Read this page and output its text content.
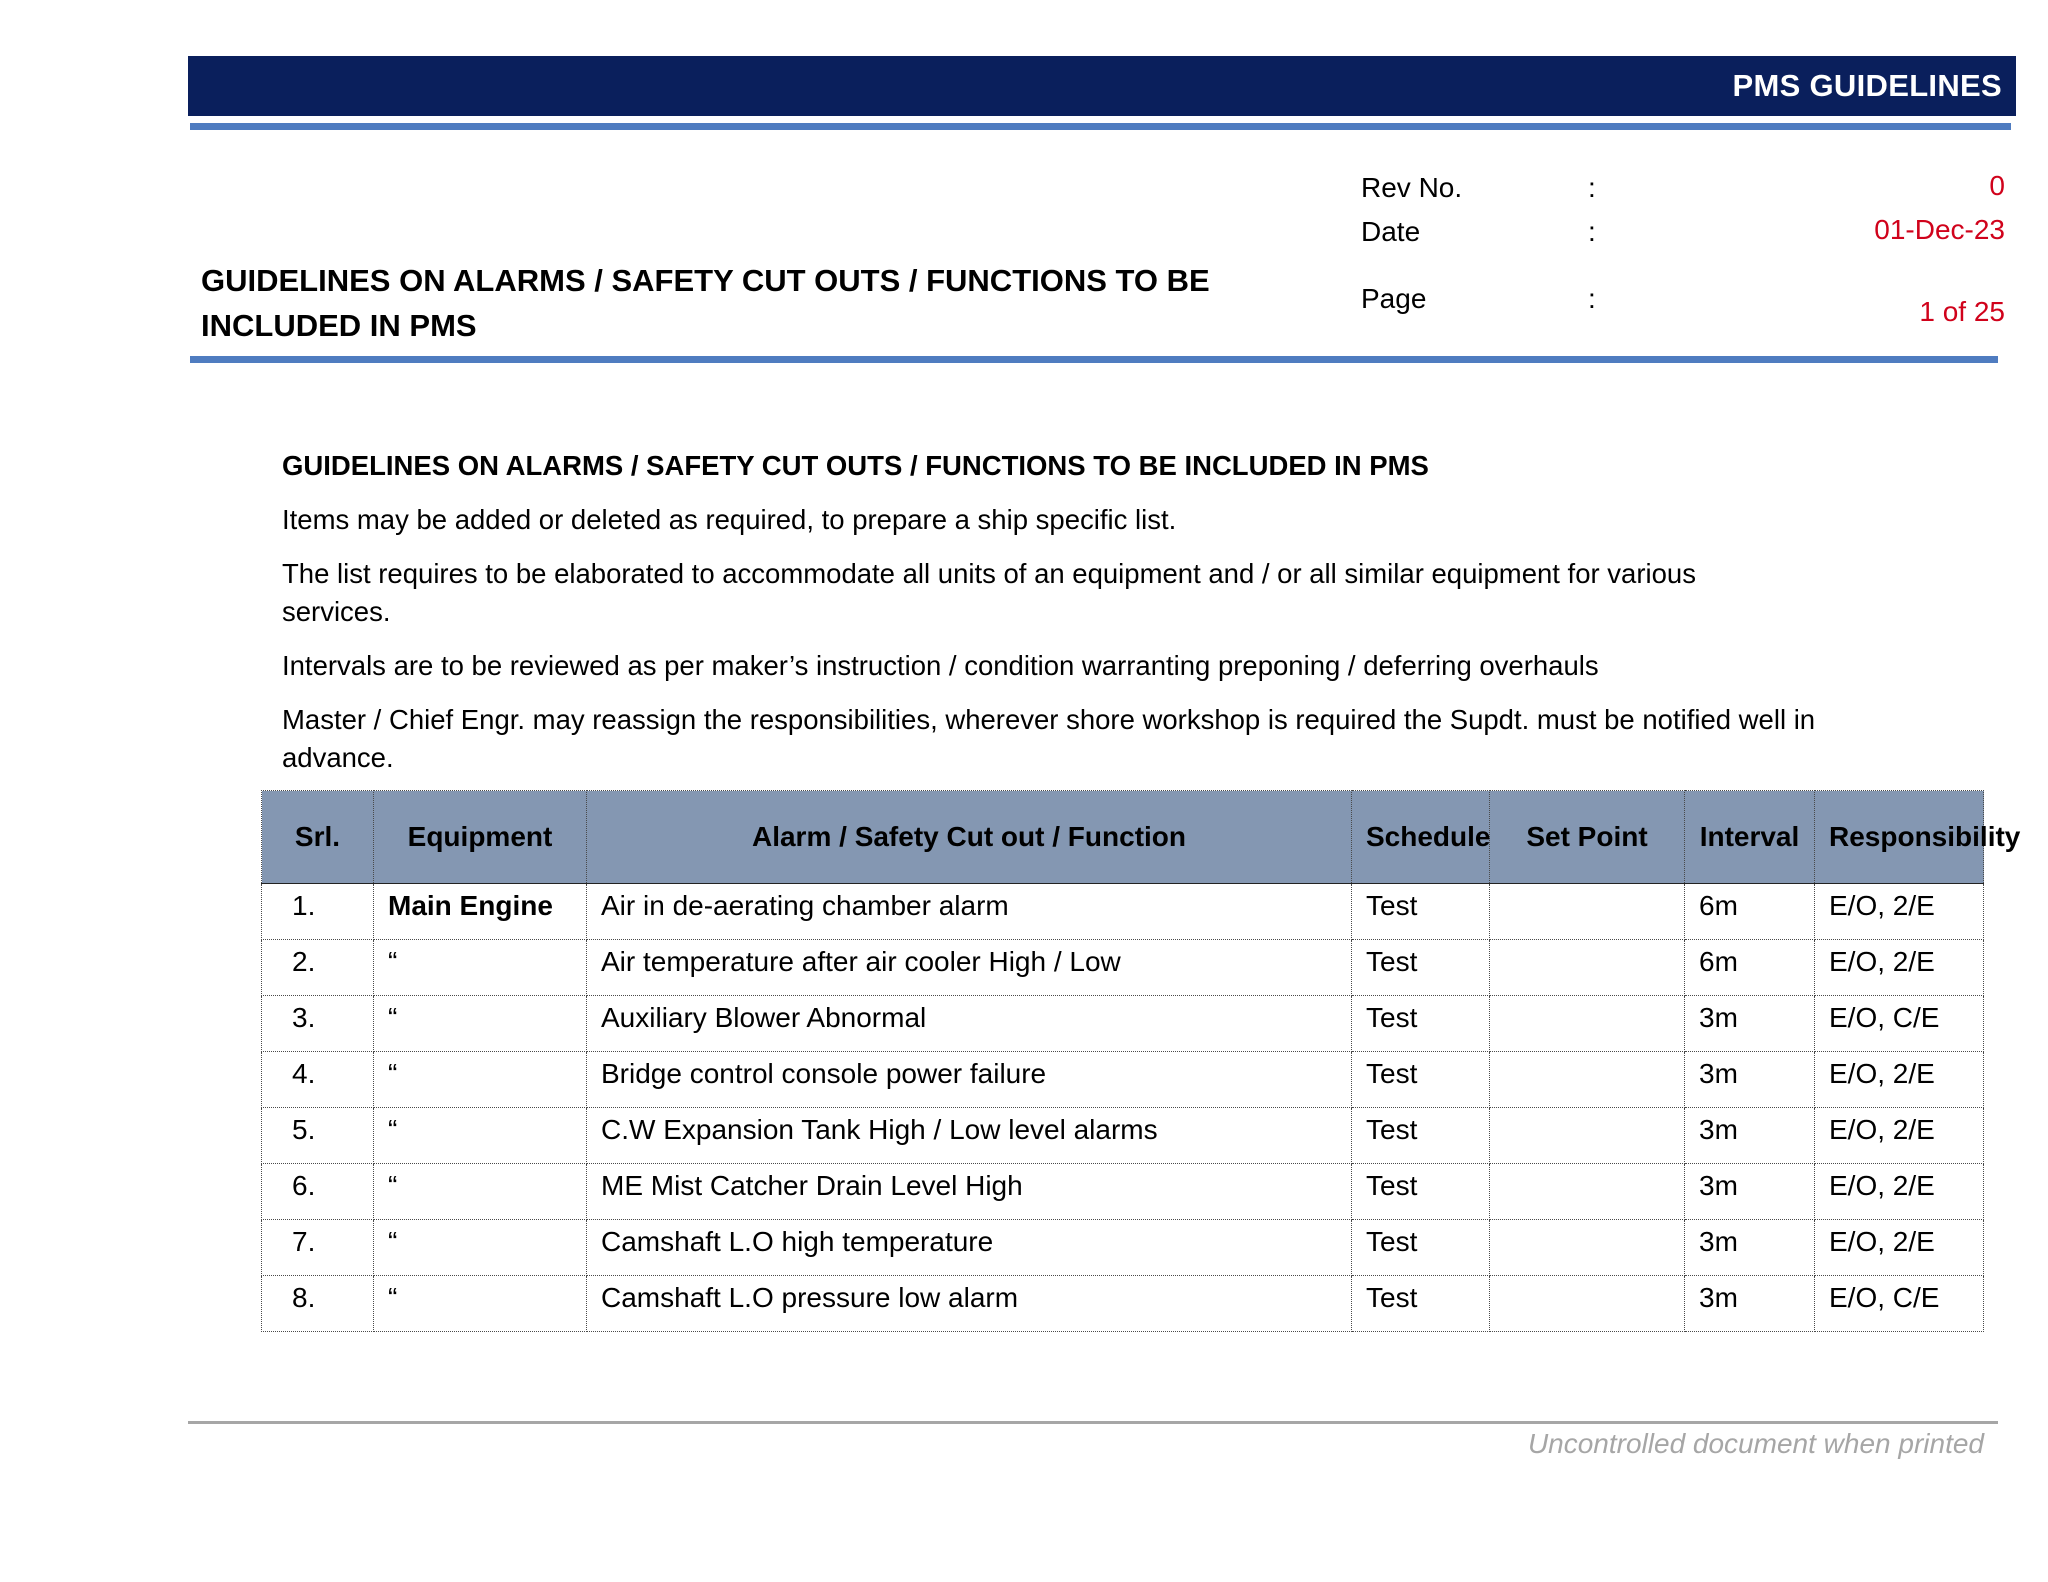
PMS GUIDELINES
Rev No.	:	0
Date	:	01-Dec-23
Page	:	1 of 25
GUIDELINES ON ALARMS / SAFETY CUT OUTS / FUNCTIONS TO BE INCLUDED IN PMS
GUIDELINES ON ALARMS / SAFETY CUT OUTS / FUNCTIONS TO BE INCLUDED IN PMS
Items may be added or deleted as required, to prepare a ship specific list.
The list requires to be elaborated to accommodate all units of an equipment and / or all similar equipment for various services.
Intervals are to be reviewed as per maker’s instruction / condition warranting preponing / deferring overhauls
Master / Chief Engr. may reassign the responsibilities, wherever shore workshop is required the Supdt. must be notified well in advance.
Srl.	Equipment	Alarm / Safety Cut out / Function	Schedule	Set Point	Interval	Responsibility
1.	Main Engine	Air in de-aerating chamber alarm	Test		6m	E/O, 2/E
2.	“	Air temperature after air cooler High / Low	Test		6m	E/O, 2/E
3.	“	Auxiliary Blower Abnormal	Test		3m	E/O, C/E
4.	“	Bridge control console power failure	Test		3m	E/O, 2/E
5.	“	C.W Expansion Tank High / Low level alarms	Test		3m	E/O, 2/E
6.	“	ME Mist Catcher Drain Level High	Test		3m	E/O, 2/E
7.	“	Camshaft L.O high temperature	Test		3m	E/O, 2/E
8.	“	Camshaft L.O pressure low alarm	Test		3m	E/O, C/E
Uncontrolled document when printed
